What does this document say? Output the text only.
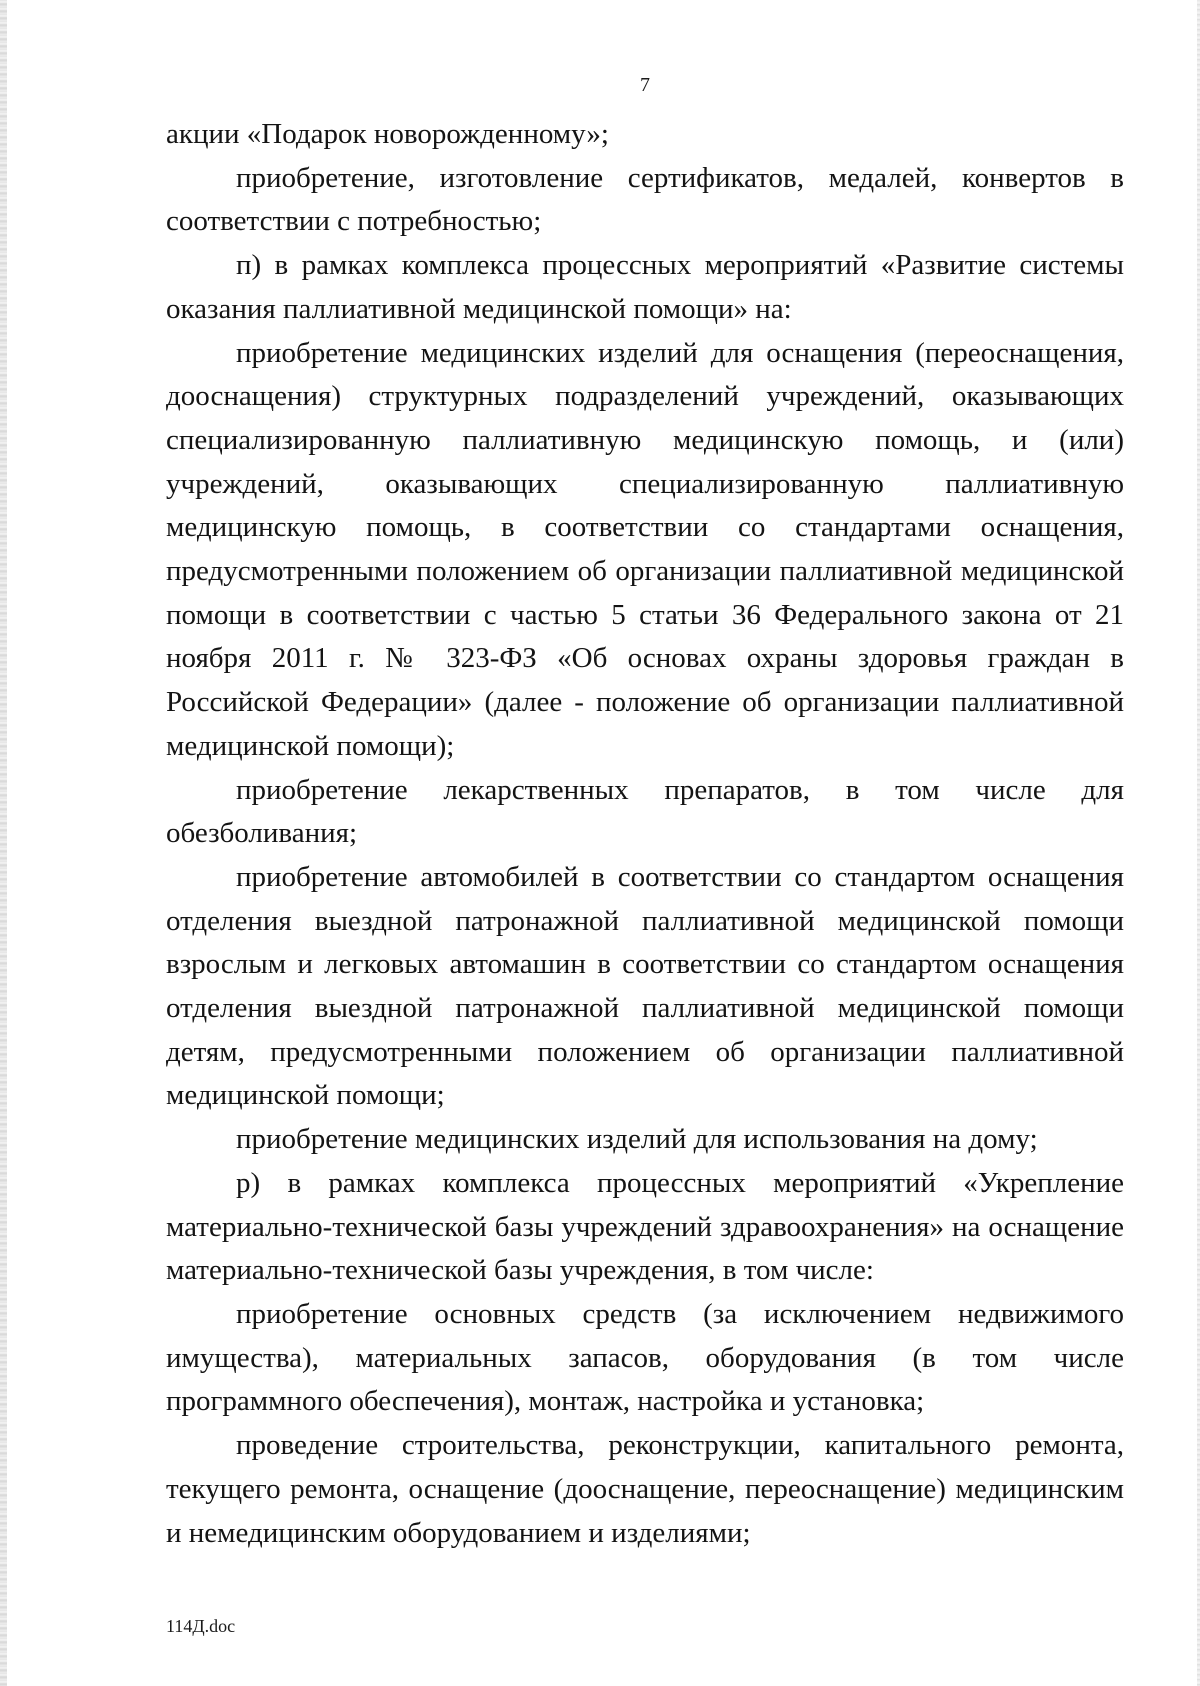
7

акции «Подарок новорожденному»;

приобретение, изготовление сертификатов, медалей, конвертов в соответствии с потребностью;

п) в рамках комплекса процессных мероприятий «Развитие системы оказания паллиативной медицинской помощи» на:

приобретение медицинских изделий для оснащения (переоснащения, дооснащения) структурных подразделений учреждений, оказывающих специализированную паллиативную медицинскую помощь, и (или) учреждений, оказывающих специализированную паллиативную медицинскую помощь, в соответствии со стандартами оснащения, предусмотренными положением об организации паллиативной медицинской помощи в соответствии с частью 5 статьи 36 Федерального закона от 21 ноября 2011 г. № 323-ФЗ «Об основах охраны здоровья граждан в Российской Федерации» (далее - положение об организации паллиативной медицинской помощи);

приобретение лекарственных препаратов, в том числе для обезболивания;

приобретение автомобилей в соответствии со стандартом оснащения отделения выездной патронажной паллиативной медицинской помощи взрослым и легковых автомашин в соответствии со стандартом оснащения отделения выездной патронажной паллиативной медицинской помощи детям, предусмотренными положением об организации паллиативной медицинской помощи;

приобретение медицинских изделий для использования на дому;

р) в рамках комплекса процессных мероприятий «Укрепление материально-технической базы учреждений здравоохранения» на оснащение материально-технической базы учреждения, в том числе:

приобретение основных средств (за исключением недвижимого имущества), материальных запасов, оборудования (в том числе программного обеспечения), монтаж, настройка и установка;

проведение строительства, реконструкции, капитального ремонта, текущего ремонта, оснащение (дооснащение, переоснащение) медицинским и немедицинским оборудованием и изделиями;

114Д.doc
